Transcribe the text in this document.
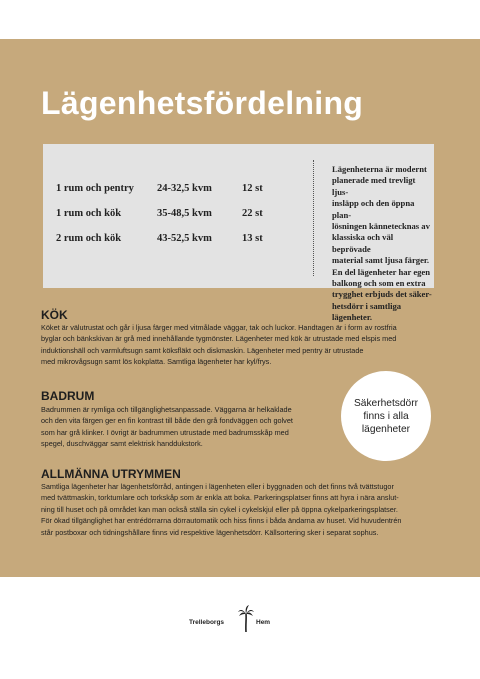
Lägenhetsfördelning
1 rum och pentry 24-32,5 kvm	12 st
1 rum och kök	35-48,5 kvm	22 st
2 rum och kök	43-52,5 kvm	13 st
Lägenheterna är modernt
planerade med trevligt ljus-
insläpp och den öppna plan-
lösningen kännetecknas av
klassiska och väl beprövade
material samt ljusa färger.
En del lägenheter har egen
balkong och som en extra
trygghet erbjuds det säker-
hetsdörr i samtliga lägenheter.
KÖK
Köket är välutrustat och går i ljusa färger med vitmålade väggar, tak och luckor. Handtagen är i form av rostfria
byglar och bänkskivan är grå med innehållande tygmönster. Lägenheter med kök är utrustade med elspis med
induktionshäll och varmluftsugn samt köksfläkt och diskmaskin. Lägenheter med pentry är utrustade
med mikrovågsugn samt lös kokplatta. Samtliga lägenheter har kyl/frys.
BADRUM
Badrummen är rymliga och tillgänglighetsanpassade. Väggarna är helkaklade
och den vita färgen ger en fin kontrast till både den grå fondväggen och golvet
som har grå klinker. I övrigt är badrummen utrustade med badrumsskåp med
spegel, duschväggar samt elektrisk handdukstork.
Säkerhetsdörr
finns i alla
lägenheter
ALLMÄNNA UTRYMMEN
Samtliga lägenheter har lägenhetsförråd, antingen i lägenheten eller i byggnaden och det finns två tvättstugor
med tvättmaskin, torktumlare och torkskåp som är enkla att boka. Parkeringsplatser finns att hyra i nära anslut-
ning till huset och på området kan man också ställa sin cykel i cykelskjul eller på öppna cykelparkeringsplatser.
För ökad tillgänglighet har entrédörrarna dörrautomatik och hiss finns i båda ändarna av huset. Vid huvudentrén
står postboxar och tidningshållare finns vid respektive lägenhetsdörr. Källsortering sker i separat sophus.
Trelleborgs	Hem
